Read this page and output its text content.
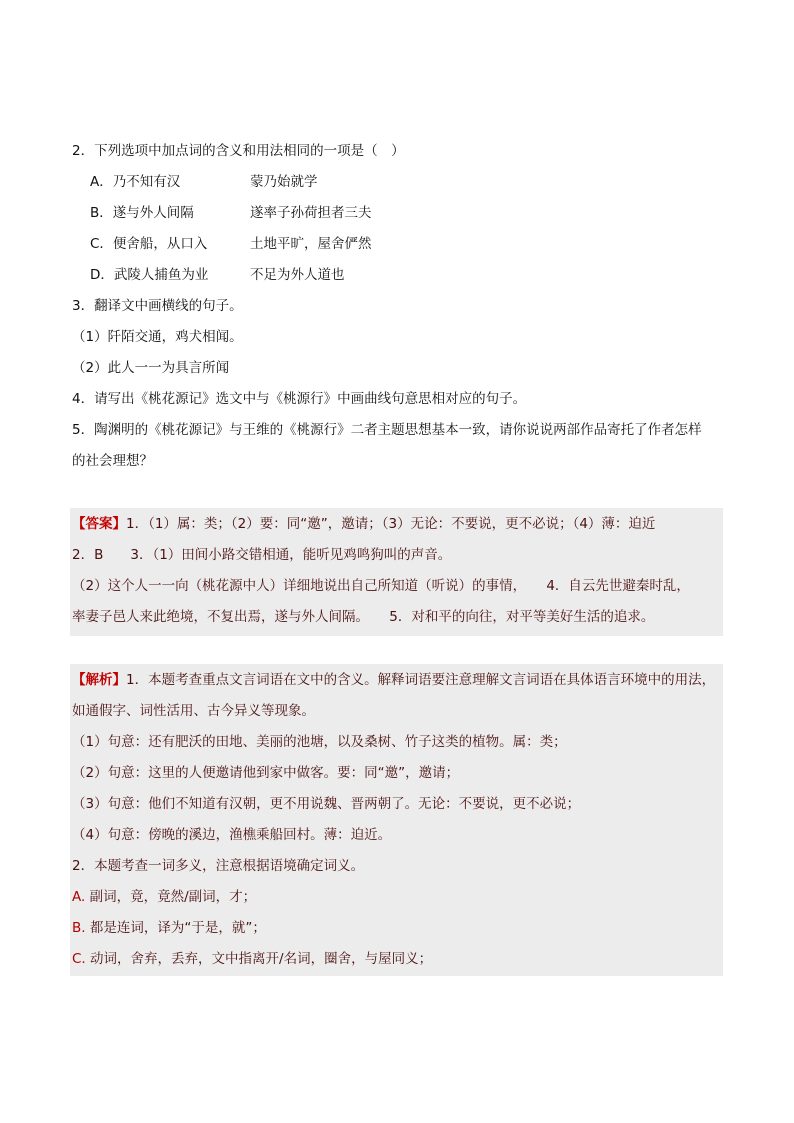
2．下列选项中加点词的含义和用法相同的一项是（　）
A．乃不知有汉	蒙乃始就学
B．遂与外人间隔	遂率子孙荷担者三夫
C．便舍船，从口入	土地平旷，屋舍俨然
D．武陵人捕鱼为业	不足为外人道也
3．翻译文中画横线的句子。
（1）阡陌交通，鸡犬相闻。
（2）此人一一为具言所闻
4．请写出《桃花源记》选文中与《桃源行》中画曲线句意思相对应的句子。
5．陶渊明的《桃花源记》与王维的《桃源行》二者主题思想基本一致，请你说说两部作品寄托了作者怎样
的社会理想？
【答案】1．（1）属：类；（2）要：同“邀”，邀请；（3）无论：不要说，更不必说；（4）薄：迫近
2．B　　3．（1）田间小路交错相通，能听见鸡鸣狗叫的声音。
（2）这个人一一向（桃花源中人）详细地说出自己所知道（听说）的事情，　　4．自云先世避秦时乱，
率妻子邑人来此绝境，不复出焉，遂与外人间隔。　　5．对和平的向往，对平等美好生活的追求。
【解析】1．本题考查重点文言词语在文中的含义。解释词语要注意理解文言词语在具体语言环境中的用法，
如通假字、词性活用、古今异义等现象。
（1）句意：还有肥沃的田地、美丽的池塘，以及桑树、竹子这类的植物。属：类；
（2）句意：这里的人便邀请他到家中做客。要：同“邀”，邀请；
（3）句意：他们不知道有汉朝，更不用说魏、晋两朝了。无论：不要说，更不必说；
（4）句意：傍晚的溪边，渔樵乘船回村。薄：迫近。
2．本题考查一词多义，注意根据语境确定词义。
A. 副词，竟，竟然/副词，才；
B. 都是连词，译为“于是，就”；
C. 动词，舍弃，丢弃，文中指离开/名词，圈舍，与屋同义；
